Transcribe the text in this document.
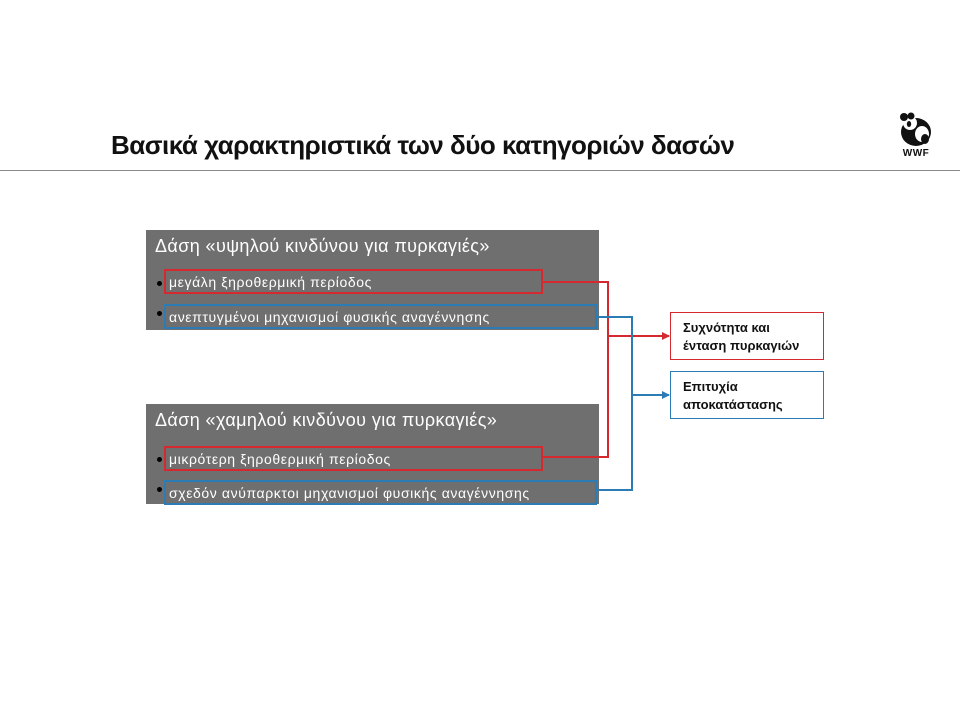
Βασικά χαρακτηριστικά των δύο κατηγοριών δασών	WWF
Δάση «υψηλού κινδύνου για πυρκαγιές»
μεγάλη ξηροθερμική περίοδος
ανεπτυγμένοι μηχανισμοί φυσικής αναγέννησης
Δάση «χαμηλού κινδύνου για πυρκαγιές»
μικρότερη ξηροθερμική περίοδος
σχεδόν ανύπαρκτοι μηχανισμοί φυσικής αναγέννησης
Συχνότητα και
ένταση πυρκαγιών
Επιτυχία
αποκατάστασης
